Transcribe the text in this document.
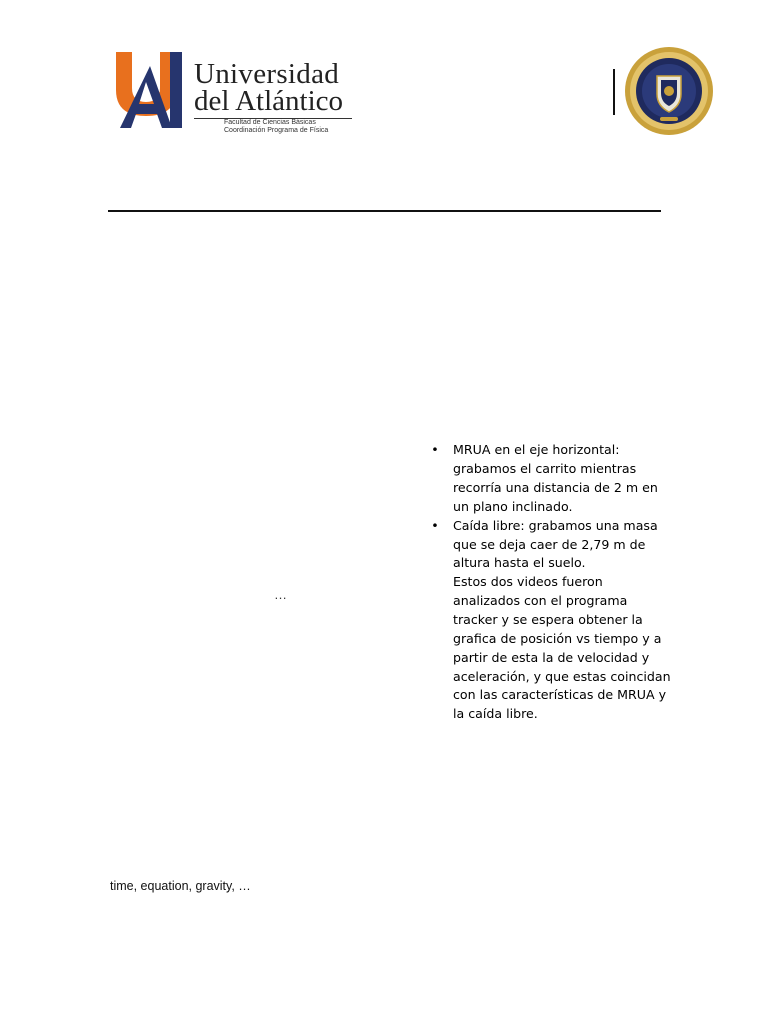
Universidad
del Atlántico
Facultad de Ciencias Básicas
Coordinación Programa de Física
• MRUA en el eje horizontal: grabamos el carrito mientras recorría una distancia de 2 m en un plano inclinado.
• Caída libre: grabamos una masa que se deja caer de 2,79 m de altura hasta el suelo.
Estos dos videos fueron analizados con el programa tracker y se espera obtener la grafica de posición vs tiempo y a partir de esta la de velocidad y aceleración, y que estas coincidan con las características de MRUA y la caída libre.
…
time, equation, gravity, …
